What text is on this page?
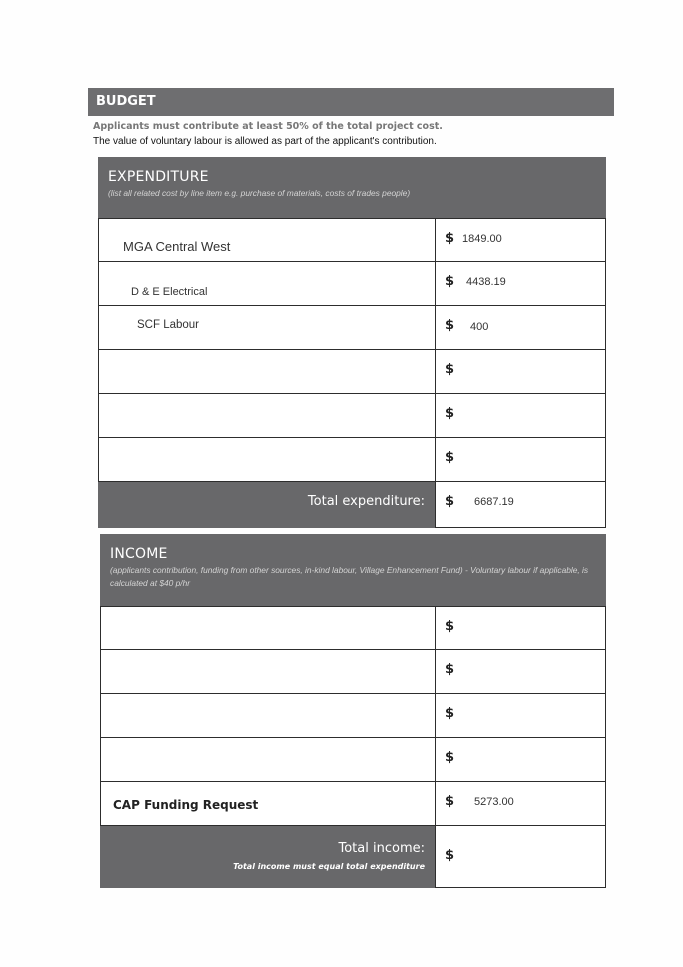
BUDGET
Applicants must contribute at least 50% of the total project cost.
The value of voluntary labour is allowed as part of the applicant's contribution.
EXPENDITURE
(list all related cost by line item e.g. purchase of materials, costs of trades people)
MGA Central West
$ 1849.00
D & E Electrical
$ 4438.19
SCF Labour	$ 400
$
$
$
Total expenditure: $ 6687.19
INCOME
(applicants contribution, funding from other sources, in-kind labour, Village Enhancement Fund) - Voluntary labour if applicable, is calculated at $40 p/hr
$
$
$
$
CAP Funding Request	$ 5273.00
Total income:
Total income must equal total expenditure
$
